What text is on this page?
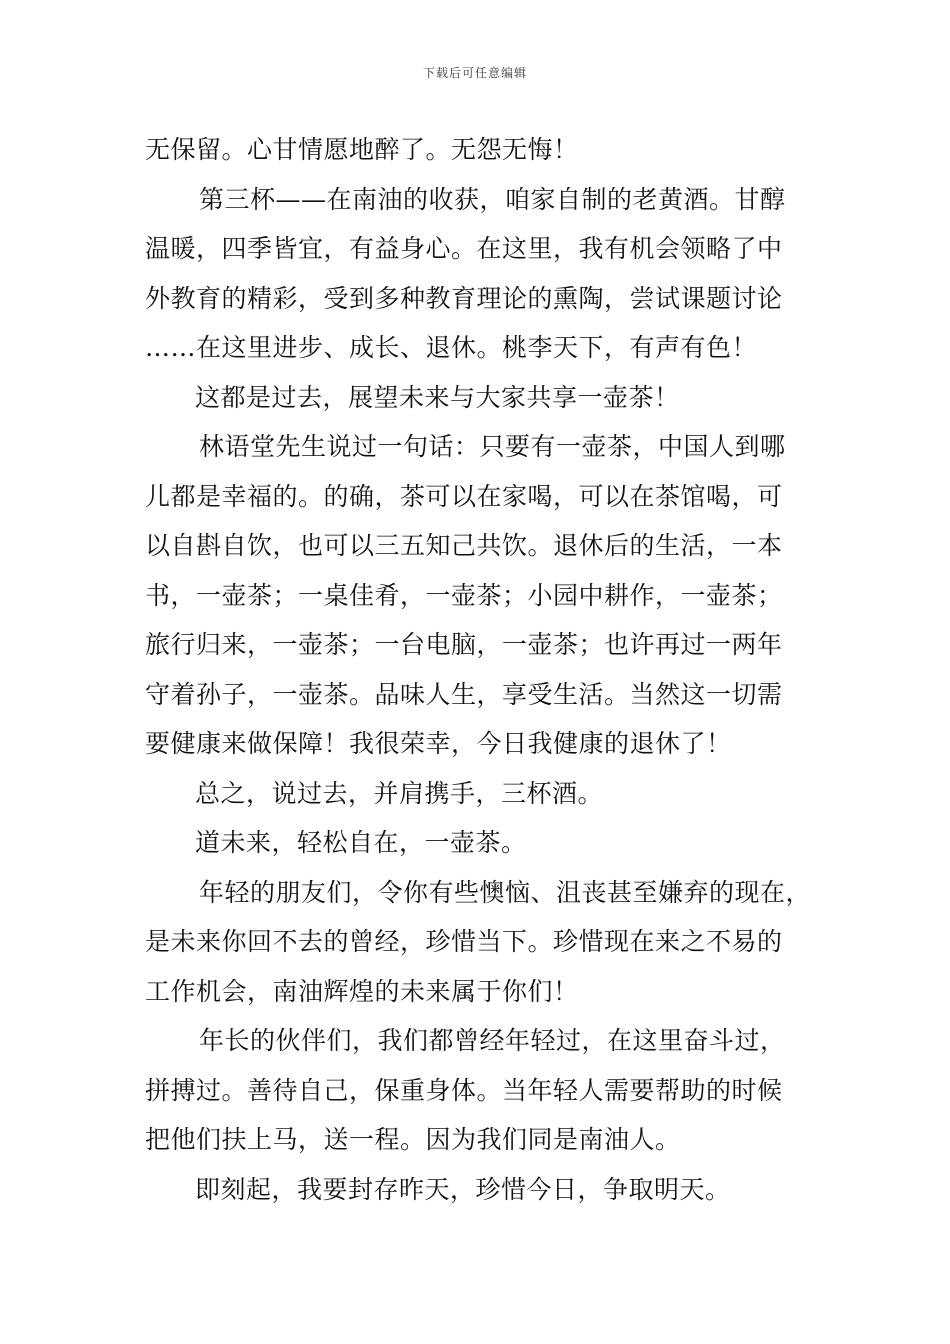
下载后可任意编辑
无保留。心甘情愿地醉了。无怨无悔！
第三杯——在南油的收获，咱家自制的老黄酒。甘醇
温暖，四季皆宜，有益身心。在这里，我有机会领略了中
外教育的精彩，受到多种教育理论的熏陶，尝试课题讨论
……在这里进步、成长、退休。桃李天下，有声有色！
这都是过去，展望未来与大家共享一壶茶！
林语堂先生说过一句话：只要有一壶茶，中国人到哪
儿都是幸福的。的确，茶可以在家喝，可以在茶馆喝，可
以自斟自饮，也可以三五知己共饮。退休后的生活，一本
书，一壶茶；一桌佳肴，一壶茶；小园中耕作，一壶茶；
旅行归来，一壶茶；一台电脑，一壶茶；也许再过一两年
守着孙子，一壶茶。品味人生，享受生活。当然这一切需
要健康来做保障！我很荣幸，今日我健康的退休了！
总之，说过去，并肩携手，三杯酒。
道未来，轻松自在，一壶茶。
年轻的朋友们，令你有些懊恼、沮丧甚至嫌弃的现在，
是未来你回不去的曾经，珍惜当下。珍惜现在来之不易的
工作机会，南油辉煌的未来属于你们！
年长的伙伴们，我们都曾经年轻过，在这里奋斗过，
拼搏过。善待自己，保重身体。当年轻人需要帮助的时候
把他们扶上马，送一程。因为我们同是南油人。
即刻起，我要封存昨天，珍惜今日，争取明天。
